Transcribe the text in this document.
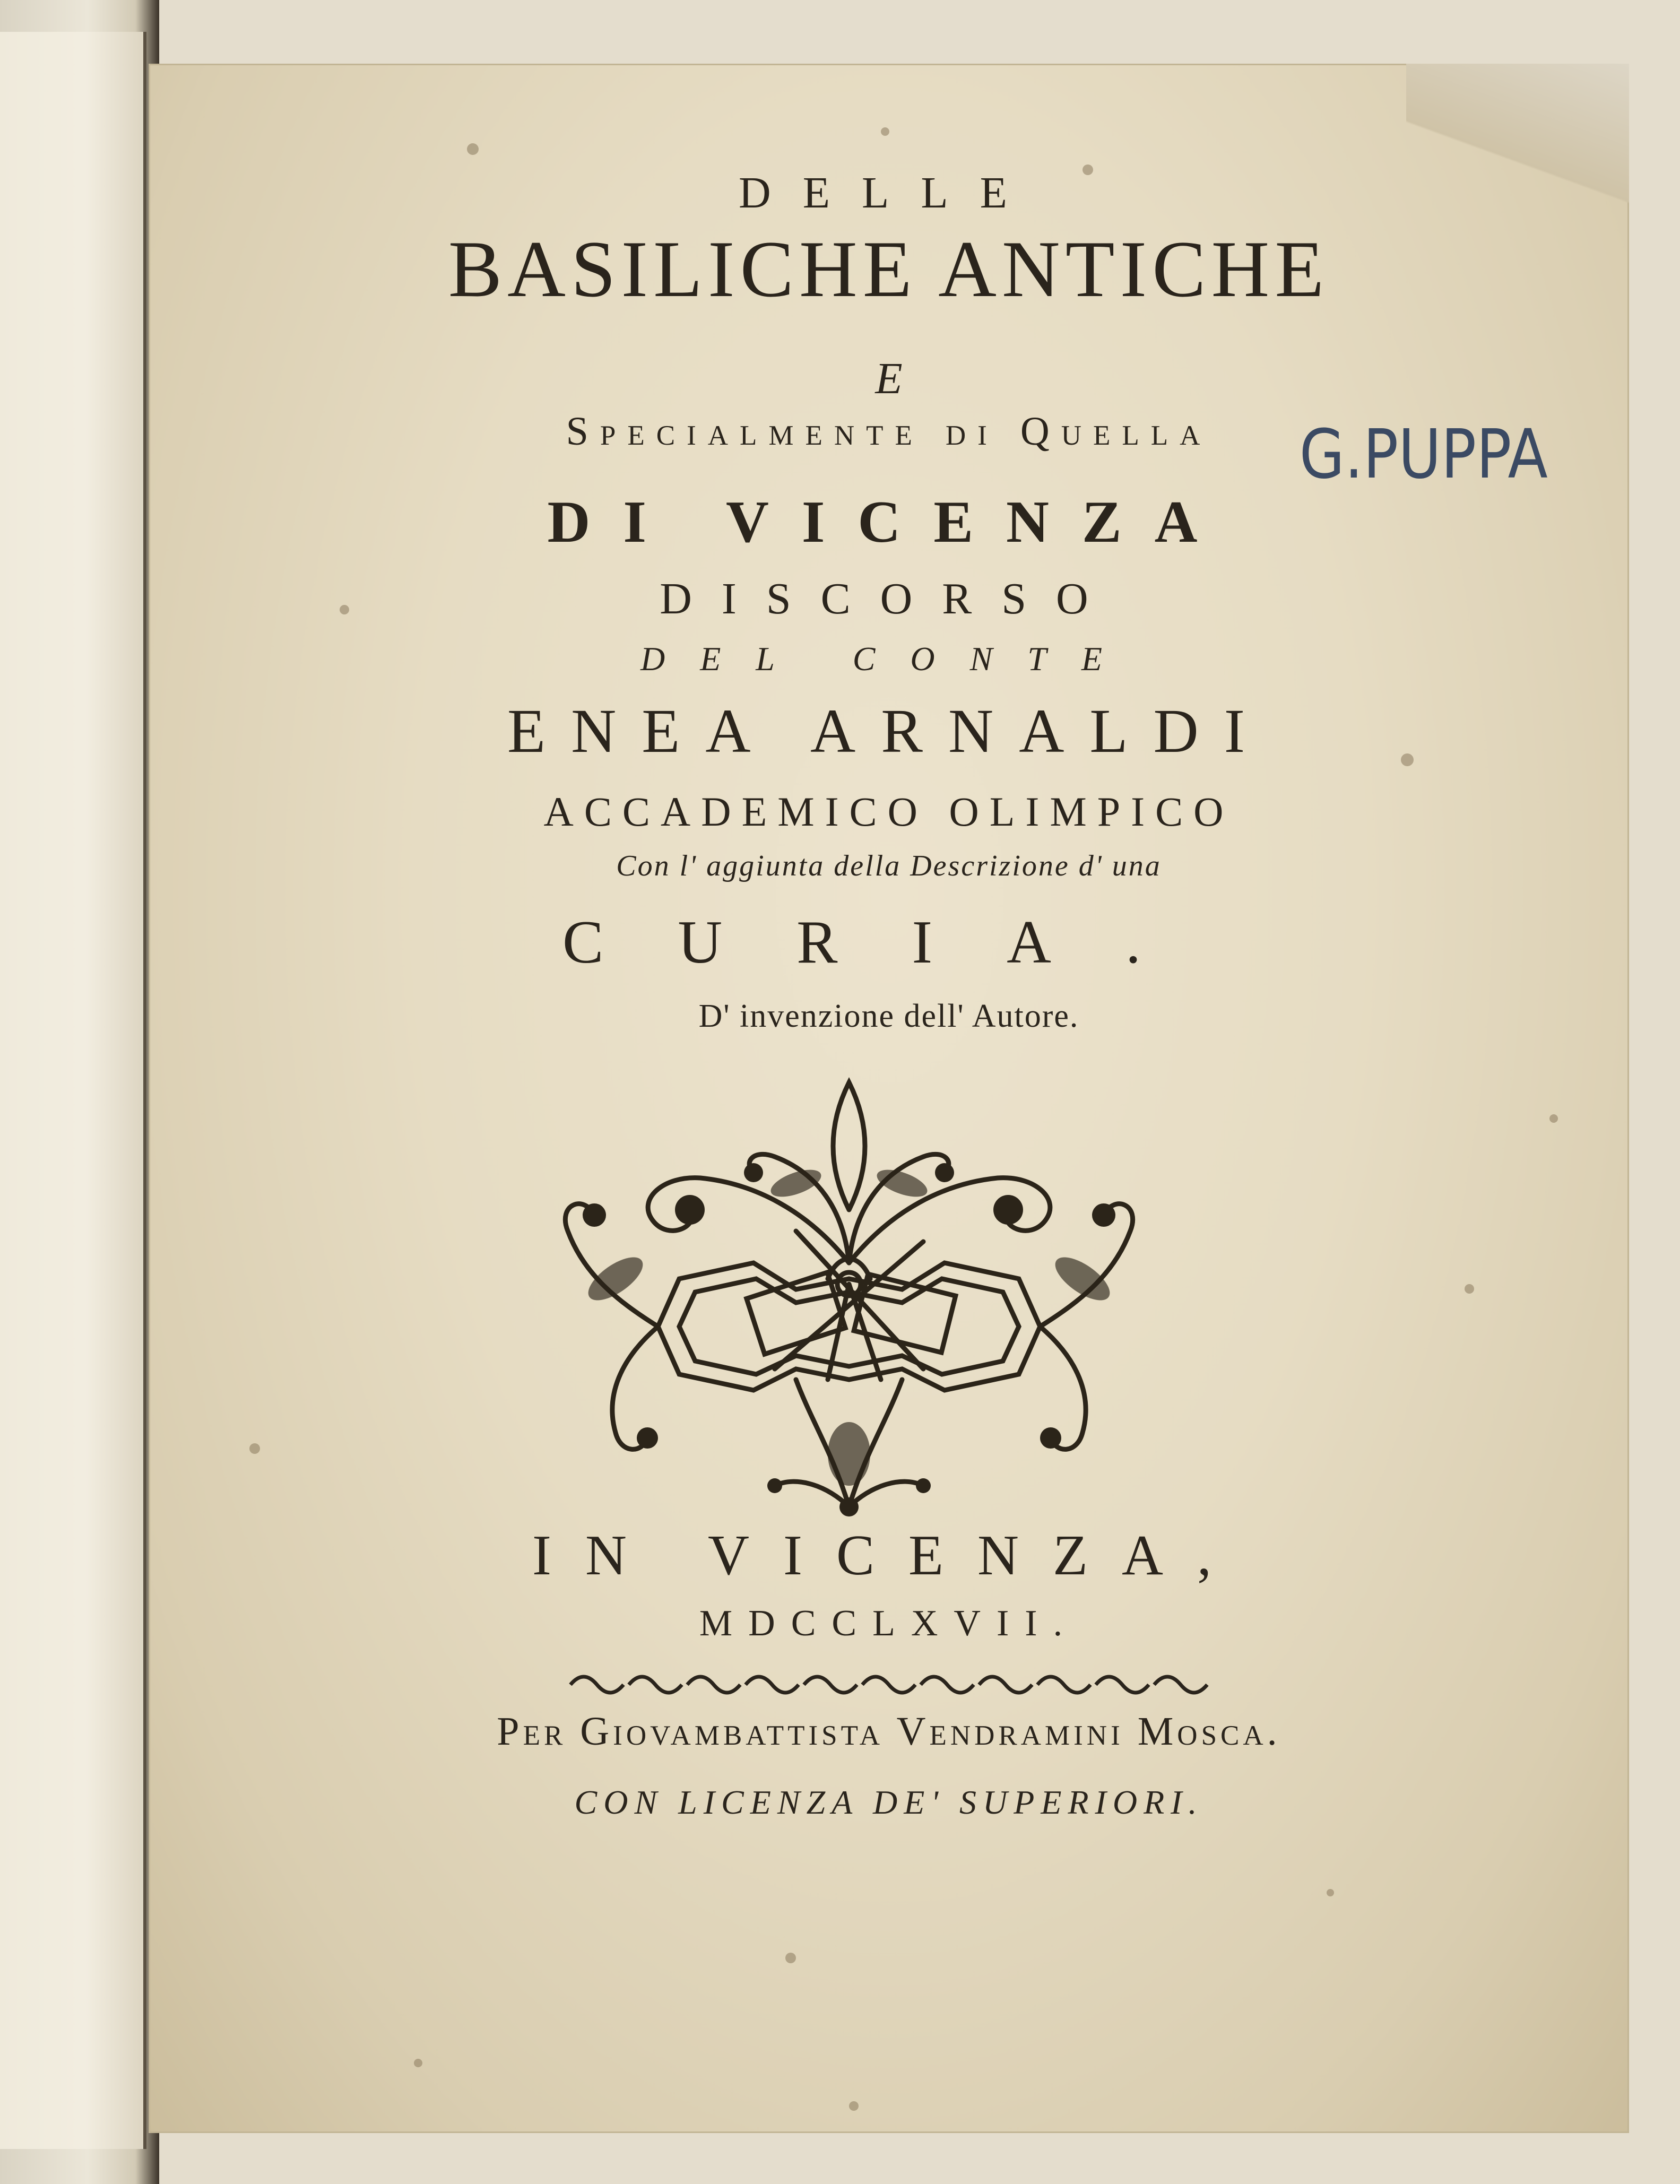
DELLE
BASILICHE ANTICHE
E
Specialmente di Quella
DI VICENZA
DISCORSO
DEL CONTE
ENEA ARNALDI
ACCADEMICO OLIMPICO
Con l' aggiunta della Descrizione d' una
CURIA.
D' invenzione dell' Autore.
G.PUPPA
IN VICENZA,
MDCCLXVII.
Per Giovambattista Vendramini Mosca.
CON LICENZA DE' SUPERIORI.
